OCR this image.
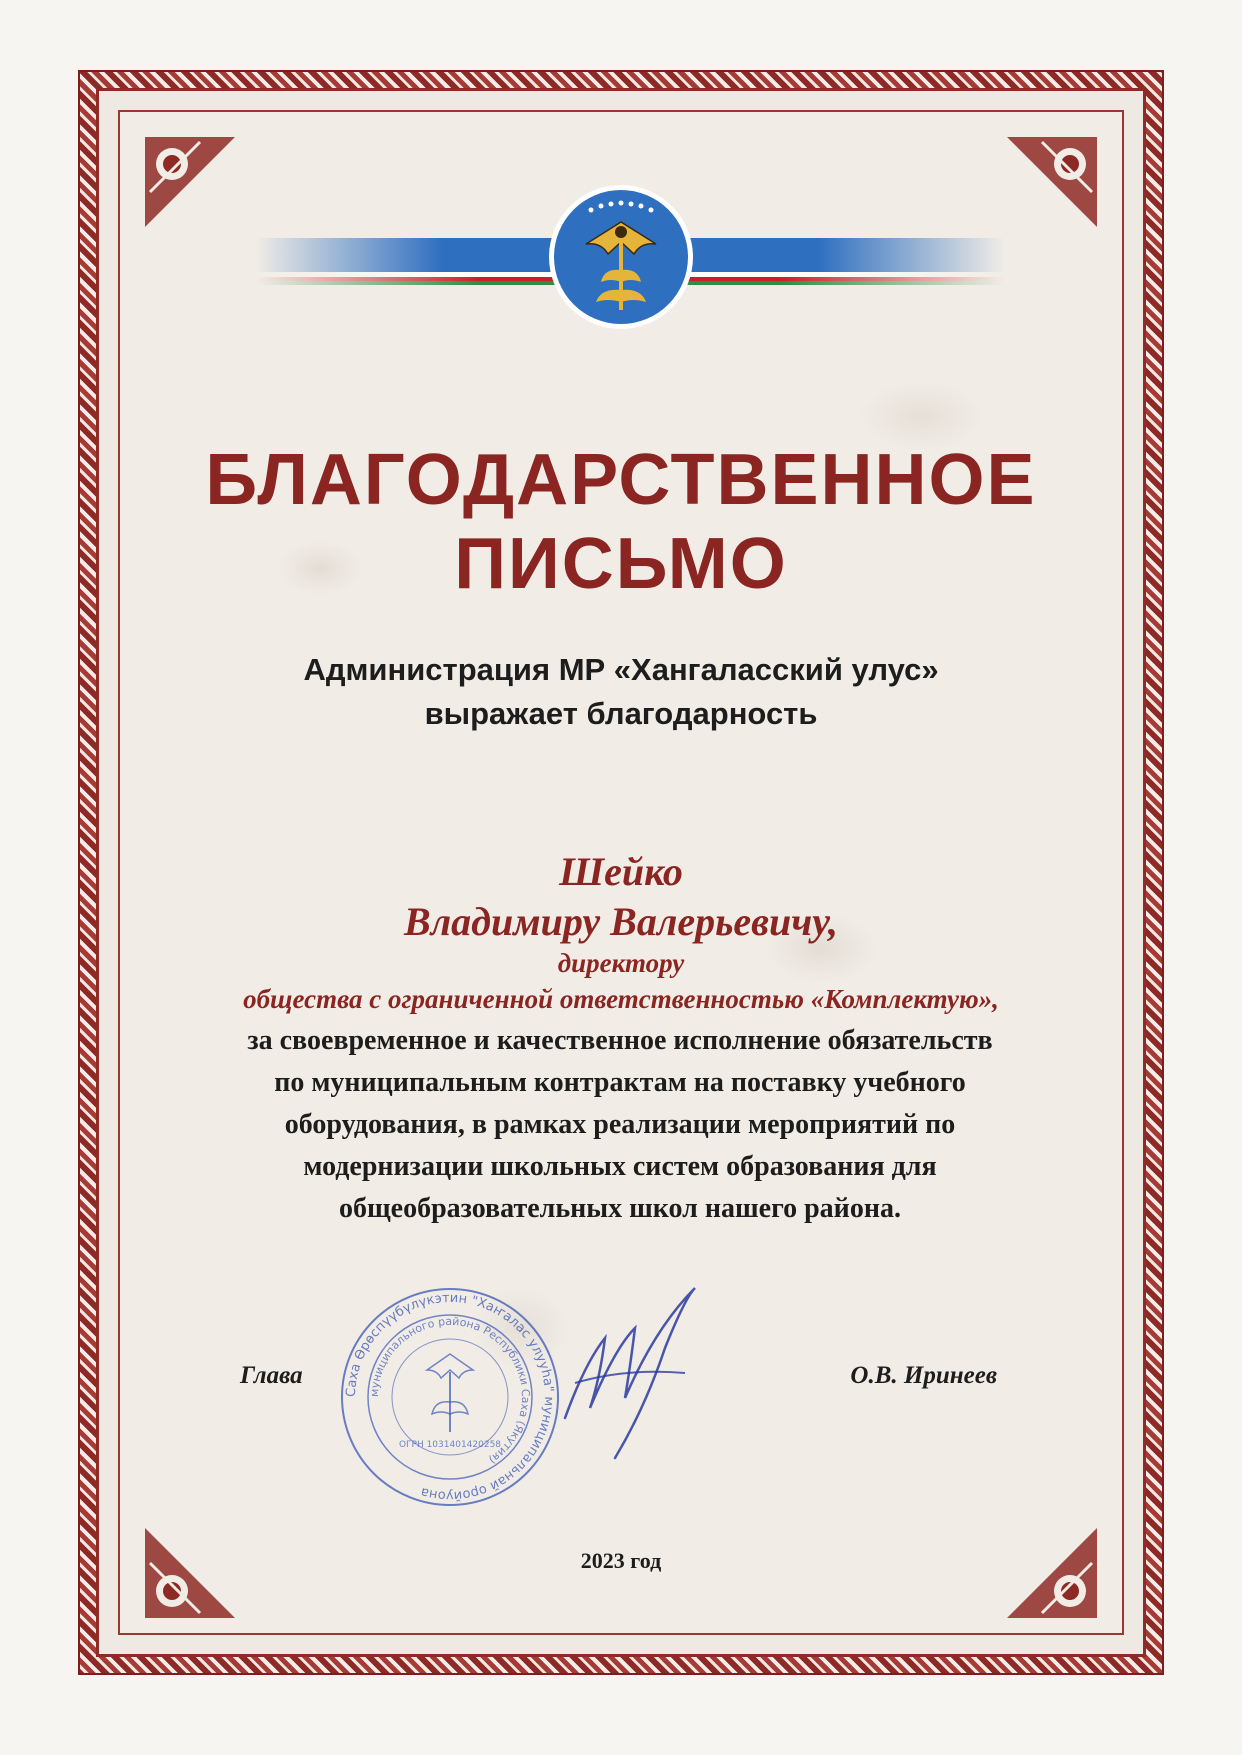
БЛАГОДАРСТВЕННОЕ
ПИСЬМО
Администрация МР «Хангаласский улус»
выражает благодарность
Шейко
Владимиру Валерьевичу,
директору
общества с ограниченной ответственностью «Комплектую»,
за своевременное и качественное исполнение обязательств
по муниципальным контрактам на поставку учебного
оборудования, в рамках реализации мероприятий по
модернизации школьных систем образования для
общеобразовательных школ нашего района.
Саха Өрөспүүбүлүкэтин "Хаҥалас улууһа" муниципальнай оройуона
муниципального района Республики Саха (Якутия)
ОГРН 1031401420258
Глава	О.В. Иринеев
2023 год
